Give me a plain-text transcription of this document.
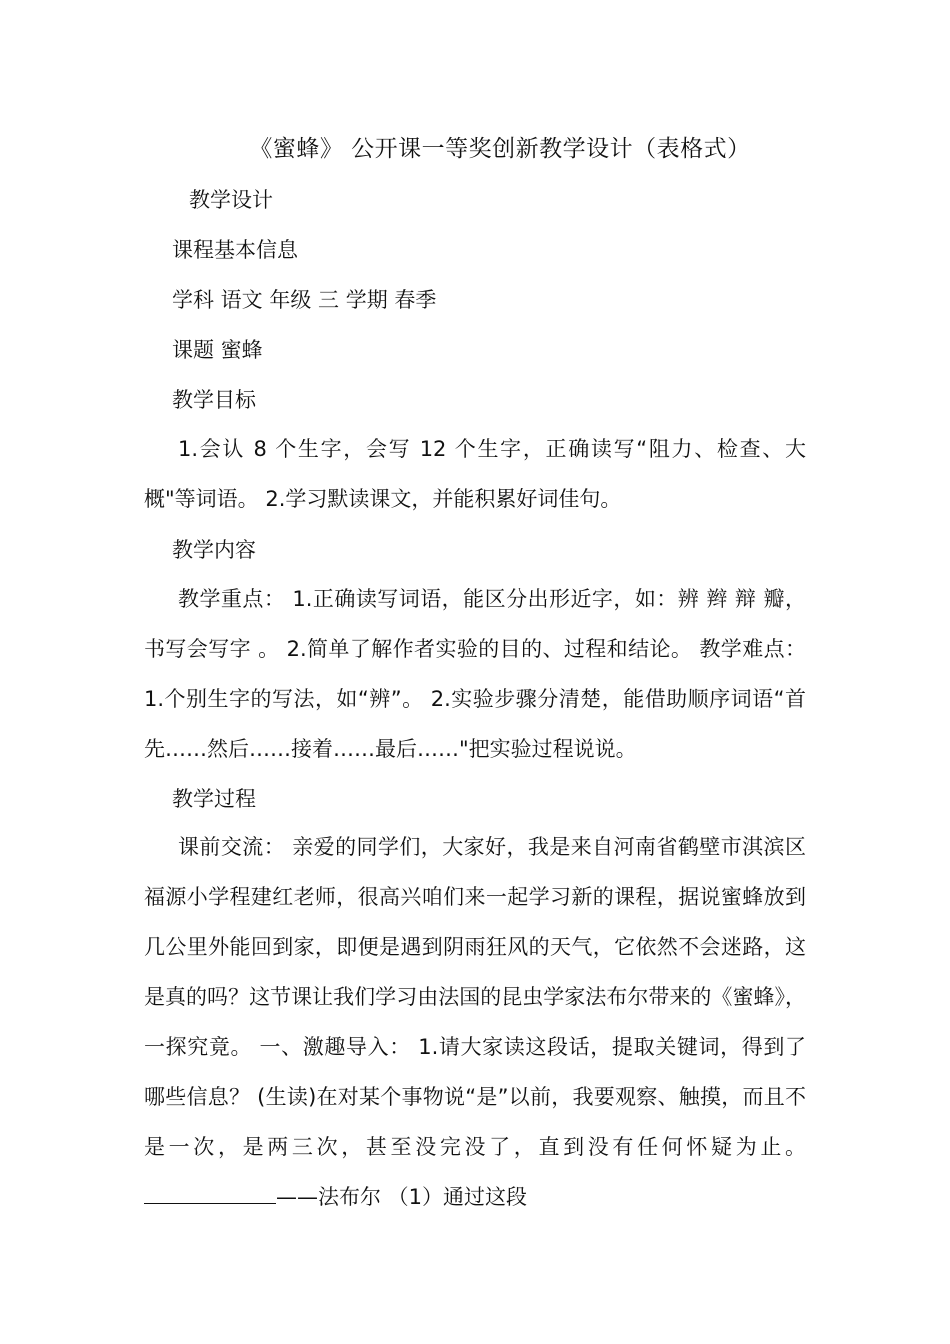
《蜜蜂》 公开课一等奖创新教学设计（表格式）
教学设计
课程基本信息
学科 语文 年级 三 学期 春季
课题 蜜蜂
教学目标
1.会认 8 个生字，会写 12 个生字，正确读写“阻力、检查、大概"等词语。 2.学习默读课文，并能积累好词佳句。
教学内容
教学重点： 1.正确读写词语，能区分出形近字，如：辨 辫 辩 瓣，书写会写字 。 2.简单了解作者实验的目的、过程和结论。 教学难点： 1.个别生字的写法，如“辨”。 2.实验步骤分清楚，能借助顺序词语“首先……然后……接着……最后……"把实验过程说说。
教学过程
课前交流： 亲爱的同学们，大家好，我是来自河南省鹤壁市淇滨区福源小学程建红老师，很高兴咱们来一起学习新的课程，据说蜜蜂放到几公里外能回到家，即便是遇到阴雨狂风的天气，它依然不会迷路，这是真的吗？这节课让我们学习由法国的昆虫学家法布尔带来的《蜜蜂》，一探究竟。 一、激趣导入： 1.请大家读这段话，提取关键词，得到了哪些信息？ (生读)在对某个事物说“是”以前，我要观察、触摸，而且不是一次，是两三次，甚至没完没了，直到没有任何怀疑为止。——法布尔 （1）通过这段
